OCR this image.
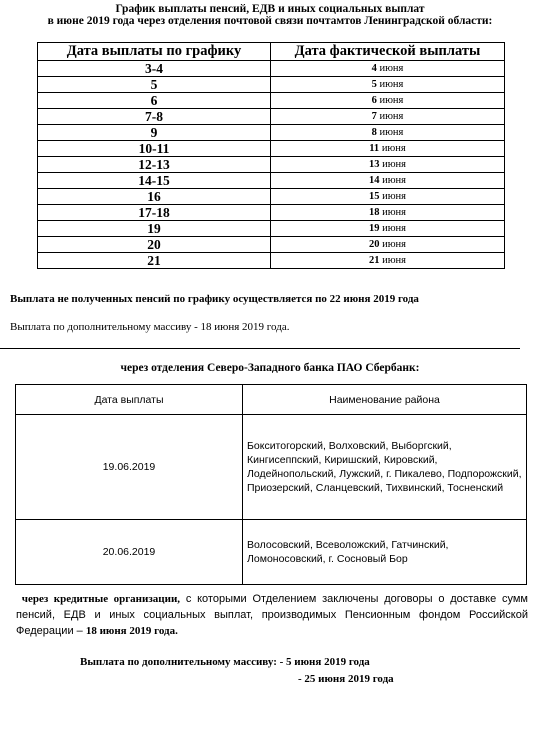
График выплаты пенсий, ЕДВ и иных социальных выплат
в июне 2019 года через отделения почтовой связи почтамтов Ленинградской области:
Дата выплаты по графику	Дата фактической выплаты
3-4	4 июня
5	5 июня
6	6 июня
7-8	7 июня
9	8 июня
10-11	11 июня
12-13	13 июня
14-15	14 июня
16	15 июня
17-18	18 июня
19	19 июня
20	20 июня
21	21 июня
Выплата не полученных пенсий по графику осуществляется по 22 июня 2019 года
Выплата по дополнительному массиву - 18 июня 2019 года.
через отделения Северо-Западного банка ПАО Сбербанк:
Дата выплаты	Наименование района
19.06.2019	Бокситогорский, Волховский, Выборгский, Кингисеппский, Киришский, Кировский, Лодейнопольский, Лужский, г. Пикалево, Подпорожский, Приозерский, Сланцевский, Тихвинский, Тосненский
20.06.2019	Волосовский, Всеволожский, Гатчинский, Ломоносовский, г. Сосновый Бор
через кредитные организации, с которыми Отделением заключены договоры о доставке сумм пенсий, ЕДВ и иных социальных выплат, производимых Пенсионным фондом Российской Федерации – 18 июня 2019 года.
Выплата по дополнительному массиву: - 5 июня 2019 года
- 25 июня 2019 года
